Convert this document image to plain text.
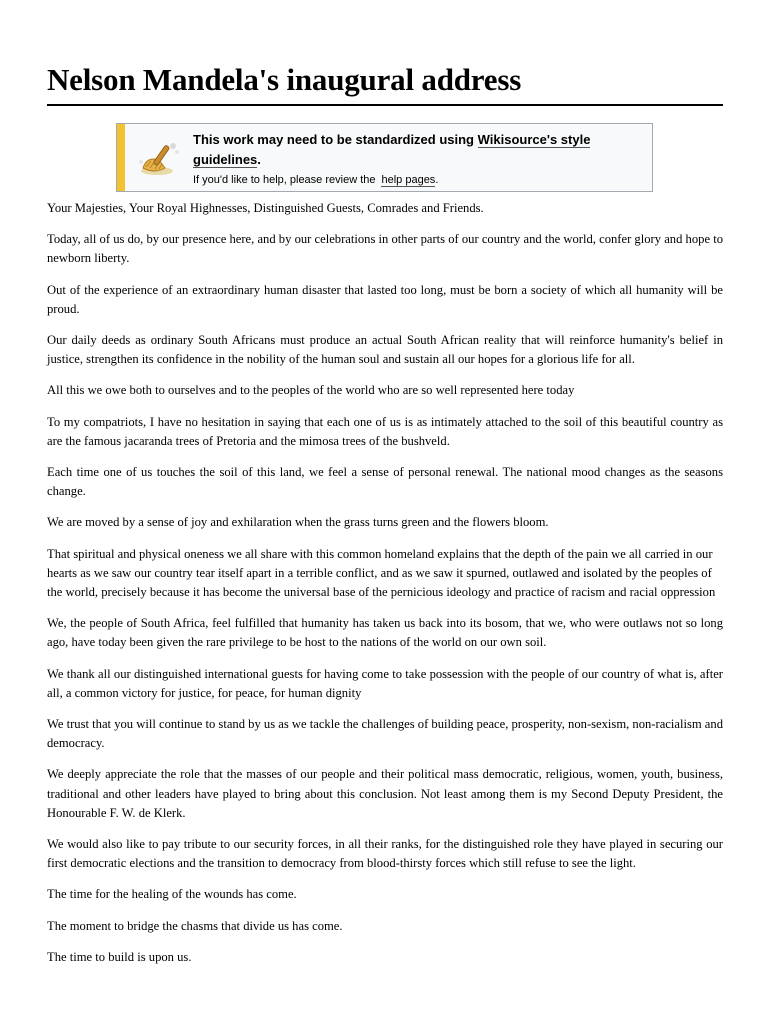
Nelson Mandela's inaugural address
This work may need to be standardized using Wikisource's style guidelines.
If you'd like to help, please review the help pages.

Your Majesties, Your Royal Highnesses, Distinguished Guests, Comrades and Friends.

Today, all of us do, by our presence here, and by our celebrations in other parts of our country and the world, confer glory and hope to newborn liberty.

Out of the experience of an extraordinary human disaster that lasted too long, must be born a society of which all humanity will be proud.

Our daily deeds as ordinary South Africans must produce an actual South African reality that will reinforce humanity's belief in justice, strengthen its confidence in the nobility of the human soul and sustain all our hopes for a glorious life for all.

All this we owe both to ourselves and to the peoples of the world who are so well represented here today

To my compatriots, I have no hesitation in saying that each one of us is as intimately attached to the soil of this beautiful country as are the famous jacaranda trees of Pretoria and the mimosa trees of the bushveld.

Each time one of us touches the soil of this land, we feel a sense of personal renewal. The national mood changes as the seasons change.

We are moved by a sense of joy and exhilaration when the grass turns green and the flowers bloom.

That spiritual and physical oneness we all share with this common homeland explains that the depth of the pain we all carried in our hearts as we saw our country tear itself apart in a terrible conflict, and as we saw it spurned, outlawed and isolated by the peoples of the world, precisely because it has become the universal base of the pernicious ideology and practice of racism and racial oppression

We, the people of South Africa, feel fulfilled that humanity has taken us back into its bosom, that we, who were outlaws not so long ago, have today been given the rare privilege to be host to the nations of the world on our own soil.

We thank all our distinguished international guests for having come to take possession with the people of our country of what is, after all, a common victory for justice, for peace, for human dignity

We trust that you will continue to stand by us as we tackle the challenges of building peace, prosperity, non-sexism, non-racialism and democracy.

We deeply appreciate the role that the masses of our people and their political mass democratic, religious, women, youth, business, traditional and other leaders have played to bring about this conclusion. Not least among them is my Second Deputy President, the Honourable F. W. de Klerk.

We would also like to pay tribute to our security forces, in all their ranks, for the distinguished role they have played in securing our first democratic elections and the transition to democracy from blood-thirsty forces which still refuse to see the light.

The time for the healing of the wounds has come.

The moment to bridge the chasms that divide us has come.

The time to build is upon us.
